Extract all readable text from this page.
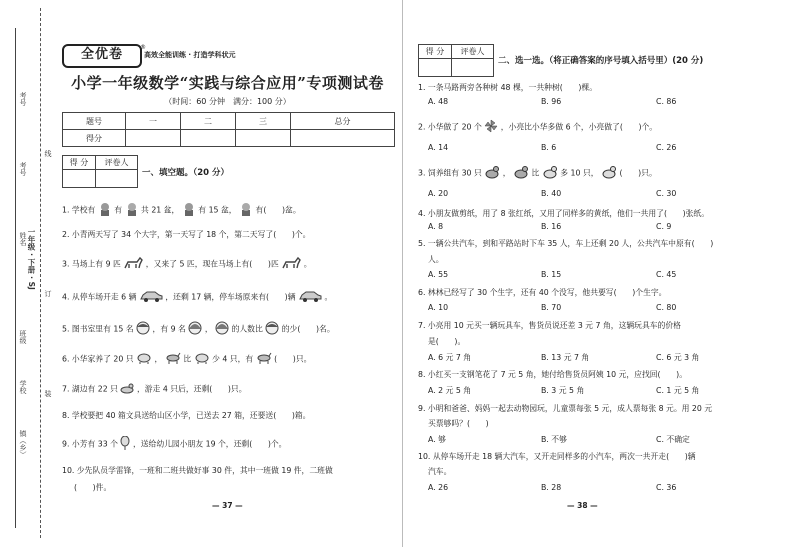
考号
考号
姓名 一年级 · 下册 · SJ
班级
学校
镇（乡）
线
订
装
全优卷	®
高效全能训练 · 打造学科状元
小学一年级数学“实践与综合应用”专项测试卷
（时间：60 分钟　满分：100 分）
题号	一	二	三	总分
得分				
得 分	评卷人

一、填空题。（20 分）
1. 学校有 有 共 21 盆， 有 15 盆， 有(　　)盆。
2. 小青两天写了 34 个大字，第一天写了 18 个，第二天写了(　　)个。
3. 马场上有 9 匹	，又来了 5 匹，现在马场上有(　　)匹	。
4. 从停车场开走 6 辆	，还剩 17 辆，停车场原来有(　　)辆	。
5. 图书室里有 15 名 ，有 9 名 ， 的人数比 的少(　　)名。
6. 小华家养了 20 只	，	比	少 4 只，有	(　　)只。
7. 湖边有 22 只 ，游走 4 只后，还剩(　　)只。
8. 学校要把 40 箱文具送给山区小学，已送去 27 箱，还要送(　　)箱。
9. 小芳有 33 个 ，送给幼儿园小朋友 19 个，还剩(　　)个。
10. 少先队员学雷锋，一班和二班共做好事 30 件，其中一班做 19 件，二班做
(　　)件。
— 37 —
得 分	评卷人

二、选一选。（将正确答案的序号填入括号里）(20 分)
1. 一条马路两旁各种树 48 棵，一共种树(　　)棵。
A. 48	B. 96	C. 86
2. 小华做了 20 个 ，小亮比小华多做 6 个，小亮做了(　　)个。
A. 14	B. 6	C. 26
3. 饲养组有 30 只	，	比	多 10 只，	(　　)只。
A. 20	B. 40	C. 30
4. 小朋友做剪纸，用了 8 张红纸，又用了同样多的黄纸，他们一共用了(　　)张纸。
A. 8	B. 16	C. 9
5. 一辆公共汽车，到和平路站时下车 35 人，车上还剩 20 人，公共汽车中原有(　　)
人。
A. 55	B. 15	C. 45
6. 林林已经写了 30 个生字，还有 40 个没写，他共要写(　　)个生字。
A. 10	B. 70	C. 80
7. 小亮用 10 元买一辆玩具车，售货员说还差 3 元 7 角，这辆玩具车的价格
是(　　)。
A. 6 元 7 角	B. 13 元 7 角	C. 6 元 3 角
8. 小红买一支钢笔花了 7 元 5 角，她付给售货员阿姨 10 元，应找回(　　)。
A. 2 元 5 角	B. 3 元 5 角	C. 1 元 5 角
9. 小明和爸爸、妈妈一起去动物园玩，儿童票每张 5 元，成人票每张 8 元。用 20 元
买票够吗？(　　)
A. 够	B. 不够	C. 不确定
10. 从停车场开走 18 辆大汽车，又开走同样多的小汽车，两次一共开走(　　)辆
汽车。
A. 26	B. 28	C. 36
— 38 —
